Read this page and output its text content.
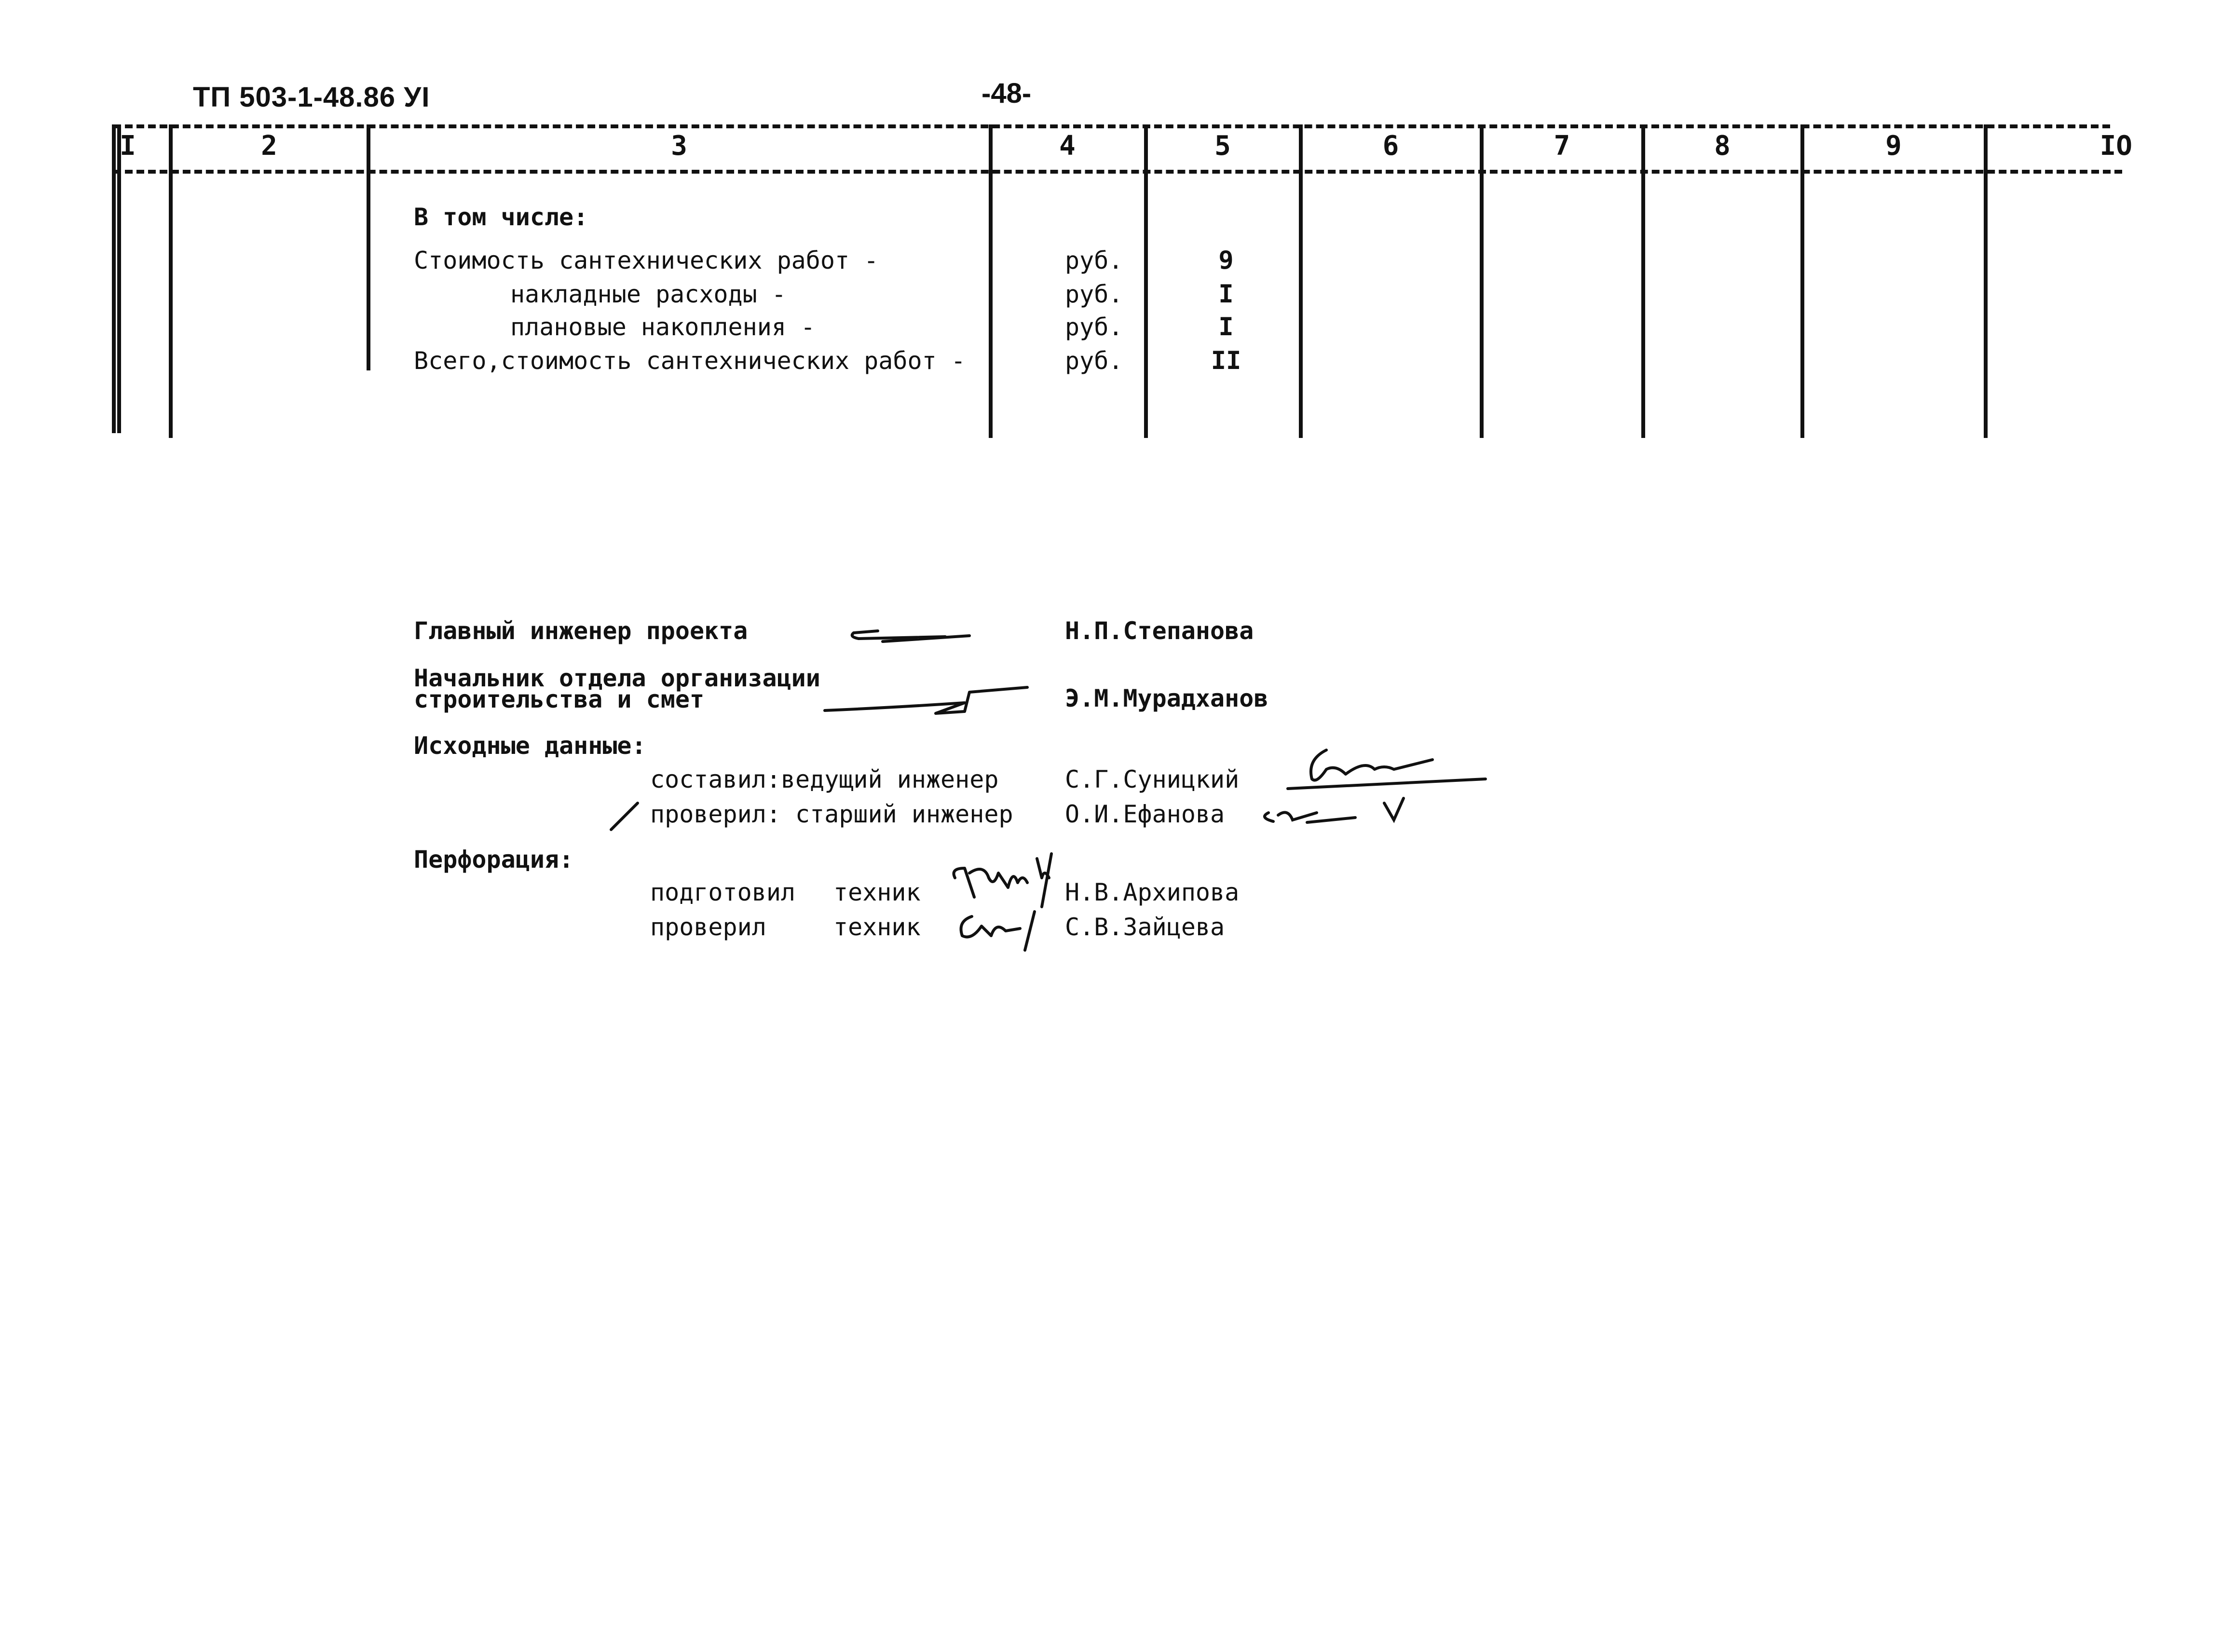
ТП 503-1-48.86 УI	-48-
I	2	3	4	5	6	7	8	9	IO
В том числе:
Стоимость сантехнических работ -	руб.	9
накладные расходы -	руб.	I
плановые накопления -	руб.	I
Всего,стоимость сантехнических работ -	руб.	II
Главный инженер проекта	Н.П.Степанова
Начальник отдела организации
строительства и смет	Э.М.Мурадханов
Исходные данные:
составил:ведущий инженер	С.Г.Суницкий
проверил: старший инженер О.И.Ефанова
Перфорация:
подготовил техник	Н.В.Архипова
проверил	техник	С.В.Зайцева
